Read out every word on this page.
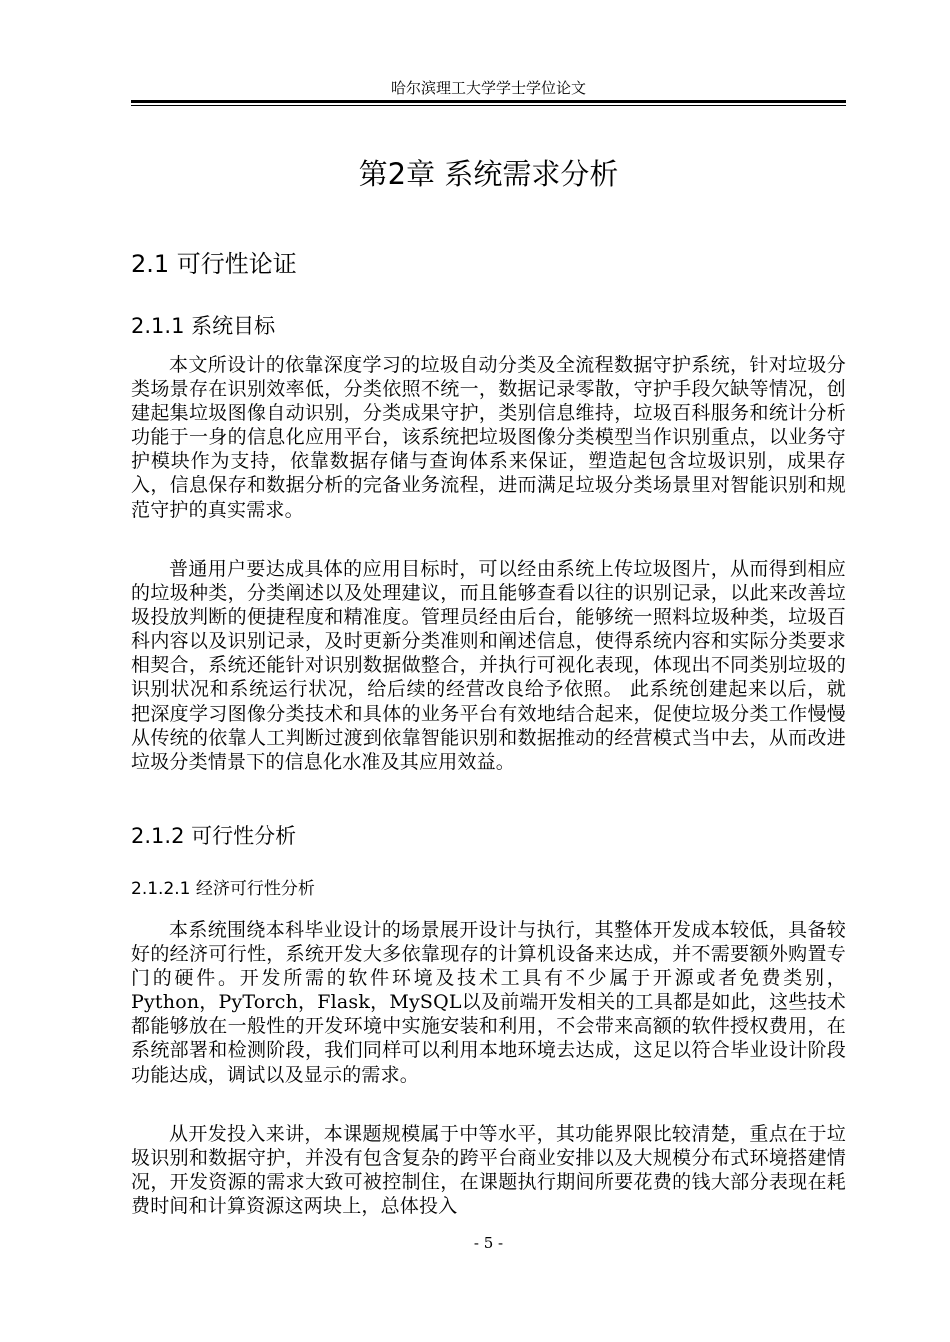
哈尔滨理工大学学士学位论文
第2章 系统需求分析
2.1 可行性论证
2.1.1 系统目标

本文所设计的依靠深度学习的垃圾自动分类及全流程数据守护系统，针对垃圾分类场景存在识别效率低，分类依照不统一，数据记录零散，守护手段欠缺等情况，创建起集垃圾图像自动识别，分类成果守护，类别信息维持，垃圾百科服务和统计分析功能于一身的信息化应用平台，该系统把垃圾图像分类模型当作识别重点，以业务守护模块作为支持，依靠数据存储与查询体系来保证，塑造起包含垃圾识别，成果存入，信息保存和数据分析的完备业务流程，进而满足垃圾分类场景里对智能识别和规范守护的真实需求。

普通用户要达成具体的应用目标时，可以经由系统上传垃圾图片，从而得到相应的垃圾种类，分类阐述以及处理建议，而且能够查看以往的识别记录，以此来改善垃圾投放判断的便捷程度和精准度。管理员经由后台，能够统一照料垃圾种类，垃圾百科内容以及识别记录，及时更新分类准则和阐述信息，使得系统内容和实际分类要求相契合，系统还能针对识别数据做整合，并执行可视化表现，体现出不同类别垃圾的识别状况和系统运行状况，给后续的经营改良给予依照。 此系统创建起来以后，就把深度学习图像分类技术和具体的业务平台有效地结合起来，促使垃圾分类工作慢慢从传统的依靠人工判断过渡到依靠智能识别和数据推动的经营模式当中去，从而改进垃圾分类情景下的信息化水准及其应用效益。

2.1.2 可行性分析
2.1.2.1 经济可行性分析

本系统围绕本科毕业设计的场景展开设计与执行，其整体开发成本较低，具备较好的经济可行性，系统开发大多依靠现存的计算机设备来达成，并不需要额外购置专门的硬件。开发所需的软件环境及技术工具有不少属于开源或者免费类别，Python，PyTorch，Flask，MySQL以及前端开发相关的工具都是如此，这些技术都能够放在一般性的开发环境中实施安装和利用，不会带来高额的软件授权费用，在系统部署和检测阶段，我们同样可以利用本地环境去达成，这足以符合毕业设计阶段功能达成，调试以及显示的需求。

从开发投入来讲，本课题规模属于中等水平，其功能界限比较清楚，重点在于垃圾识别和数据守护，并没有包含复杂的跨平台商业安排以及大规模分布式环境搭建情况，开发资源的需求大致可被控制住，在课题执行期间所要花费的钱大部分表现在耗费时间和计算资源这两块上，总体投入

- 5 -
